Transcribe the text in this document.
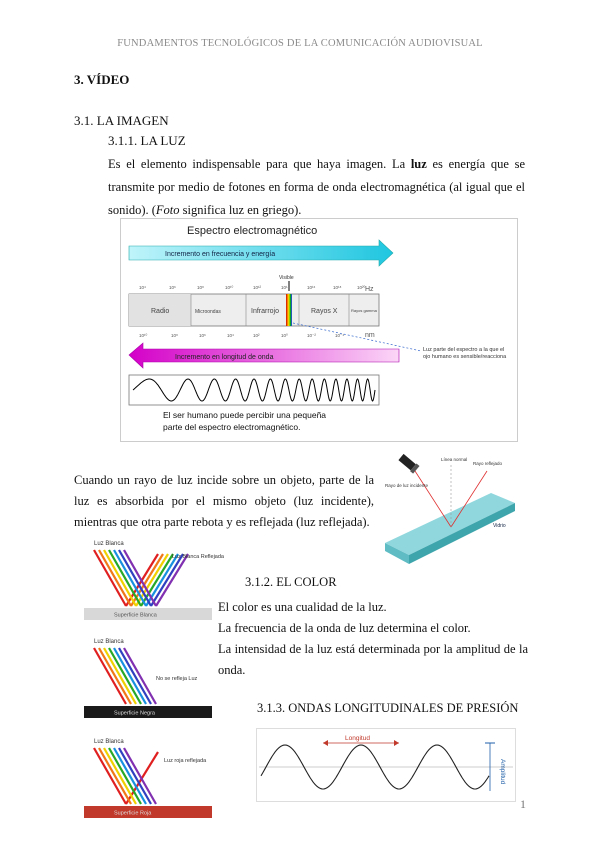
FUNDAMENTOS TECNOLÓGICOS DE LA COMUNICACIÓN AUDIOVISUAL
3. VÍDEO
3.1. LA IMAGEN
3.1.1. LA LUZ
Es el elemento indispensable para que haya imagen. La luz es energía que se transmite por medio de fotones en forma de onda electromagnética (al igual que el sonido). (Foto significa luz en griego).
Espectro electromagnético
Incremento en frecuencia y energía
Visible
Hz
10⁴	10⁶	10⁸	10¹⁰	10¹²	10¹⁴	10¹⁶	10¹⁸	10²⁰
Radio	Microondas	Infrarrojo	Rayos X	Rayos gamma
nm
10¹⁰	10⁸	10⁶	10⁴	10²	10⁰	10⁻²	10⁻⁴
Incremento en longitud de onda
Luz parte del espectro a la que el ojo humano es sensible/reacciona
El ser humano puede percibir una pequeña
parte del espectro electromagnético.
Cuando un rayo de luz incide sobre un objeto, parte de la luz es absorbida por el mismo objeto (luz incidente), mientras que otra parte rebota y es reflejada (luz reflejada).
Rayo de luz incidente
Línea normal
Rayo reflejado
Vidrio
Luz Blanca
Luz Blanca Reflejada
Superficie Blanca
Luz Blanca
No se refleja Luz
Superficie Negra
Luz Blanca
Luz roja reflejada
Superficie Roja
3.1.2. EL COLOR

El color es una cualidad de la luz.

La frecuencia de la onda de luz determina el color.

La intensidad de la luz está determinada por la amplitud de la onda.

3.1.3. ONDAS LONGITUDINALES DE PRESIÓN
Longitud
Amplitud
1
